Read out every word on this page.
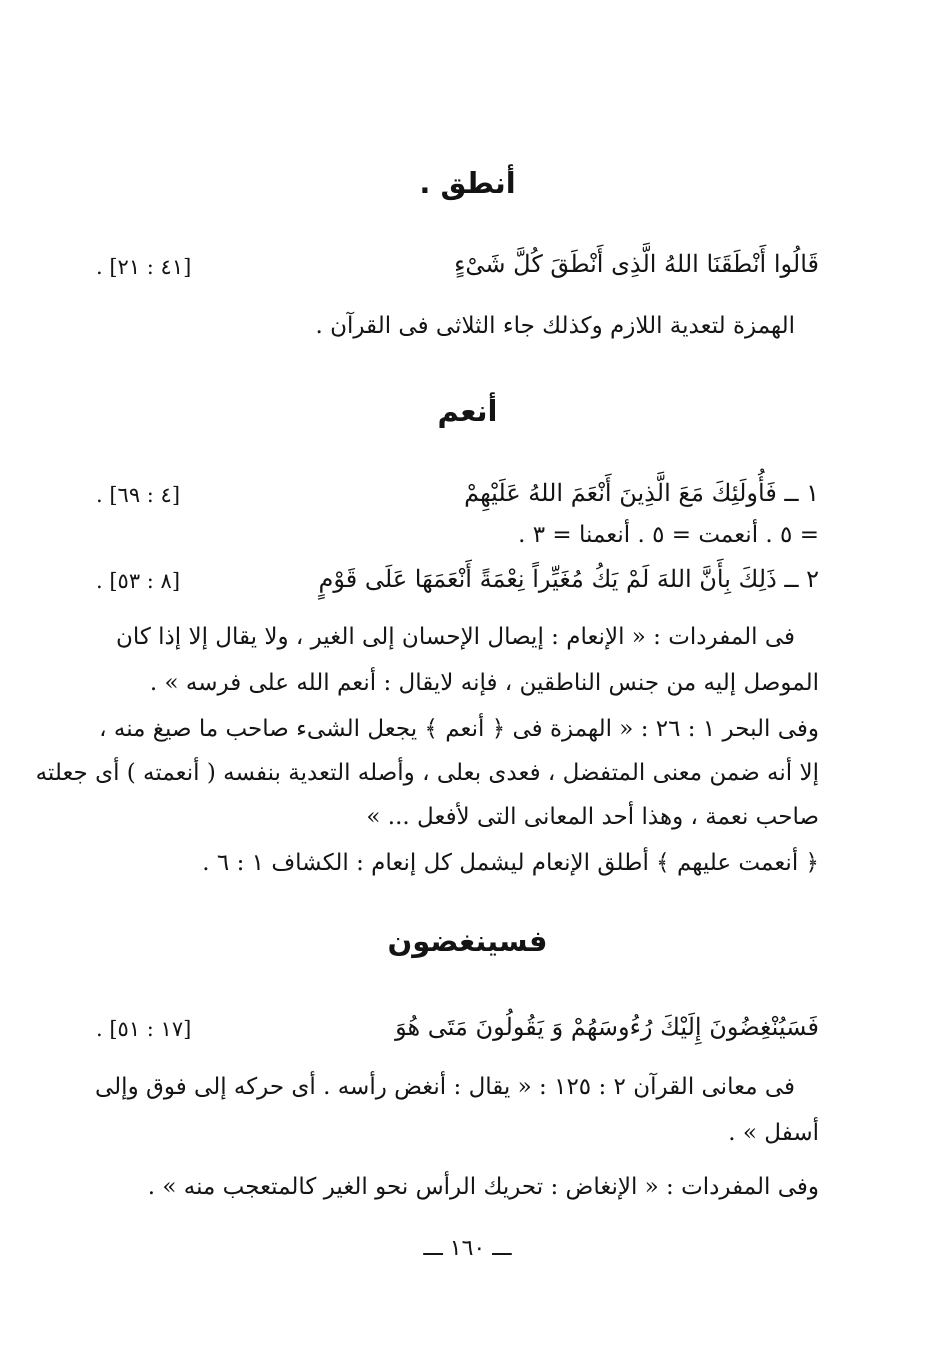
أنطق .
قَالُوا أَنْطَقَنَا اللهُ الَّذِى أَنْطَقَ كُلَّ شَىْءٍ
[٤١ : ٢١] .
الهمزة لتعدية اللازم وكذلك جاء الثلاثى فى القرآن .
أنعم
١ ــ فَأُولَئِكَ مَعَ الَّذِينَ أَنْعَمَ اللهُ عَلَيْهِمْ
[٤ : ٦٩] .
= ٥ . أنعمت = ٥ . أنعمنا = ٣ .
٢ ــ ذَلِكَ بِأَنَّ اللهَ لَمْ يَكُ مُغَيِّراً نِعْمَةً أَنْعَمَهَا عَلَى قَوْمٍ
[٨ : ٥٣] .
فى المفردات : « الإنعام : إيصال الإحسان إلى الغير ، ولا يقال إلا إذا كان
الموصل إليه من جنس الناطقين ، فإنه لايقال : أنعم الله على فرسه » .
وفى البحر ١ : ٢٦ : « الهمزة فى ﴿ أنعم ﴾ يجعل الشىء صاحب ما صيغ منه ،
إلا أنه ضمن معنى المتفضل ، فعدى بعلى ، وأصله التعدية بنفسه ( أنعمته ) أى جعلته
صاحب نعمة ، وهذا أحد المعانى التى لأفعل ... »
﴿ أنعمت عليهم ﴾ أطلق الإنعام ليشمل كل إنعام : الكشاف ١ : ٦ .
فسينغضون
فَسَيُنْغِضُونَ إِلَيْكَ رُءُوسَهُمْ وَ يَقُولُونَ مَتَى هُوَ
[١٧ : ٥١] .
فى معانى القرآن ٢ : ١٢٥ : « يقال : أنغض رأسه . أى حركه إلى فوق وإلى
أسفل » .
وفى المفردات : « الإنغاض : تحريك الرأس نحو الغير كالمتعجب منه » .
ـــ ١٦٠ ـــ
